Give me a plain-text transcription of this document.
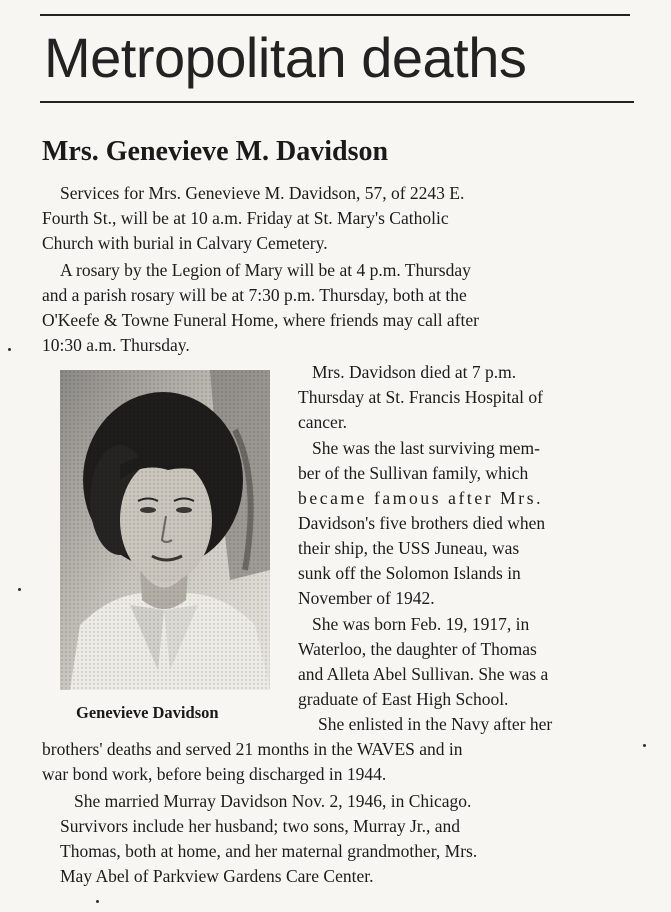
Metropolitan deaths
Mrs. Genevieve M. Davidson
Services for Mrs. Genevieve M. Davidson, 57, of 2243 E.
Fourth St., will be at 10 a.m. Friday at St. Mary's Catholic
Church with burial in Calvary Cemetery.
A rosary by the Legion of Mary will be at 4 p.m. Thursday
and a parish rosary will be at 7:30 p.m. Thursday, both at the
O'Keefe & Towne Funeral Home, where friends may call after
10:30 a.m. Thursday.
Genevieve Davidson
Mrs. Davidson died at 7 p.m.
Thursday at St. Francis Hospital of
cancer.
She was the last surviving mem-
ber of the Sullivan family, which
became famous after Mrs.
Davidson's five brothers died when
their ship, the USS Juneau, was
sunk off the Solomon Islands in
November of 1942.
She was born Feb. 19, 1917, in
Waterloo, the daughter of Thomas
and Alleta Abel Sullivan. She was a
graduate of East High School.
She enlisted in the Navy after her
brothers' deaths and served 21 months in the WAVES and in
war bond work, before being discharged in 1944.
She married Murray Davidson Nov. 2, 1946, in Chicago.
Survivors include her husband; two sons, Murray Jr., and
Thomas, both at home, and her maternal grandmother, Mrs.
May Abel of Parkview Gardens Care Center.
